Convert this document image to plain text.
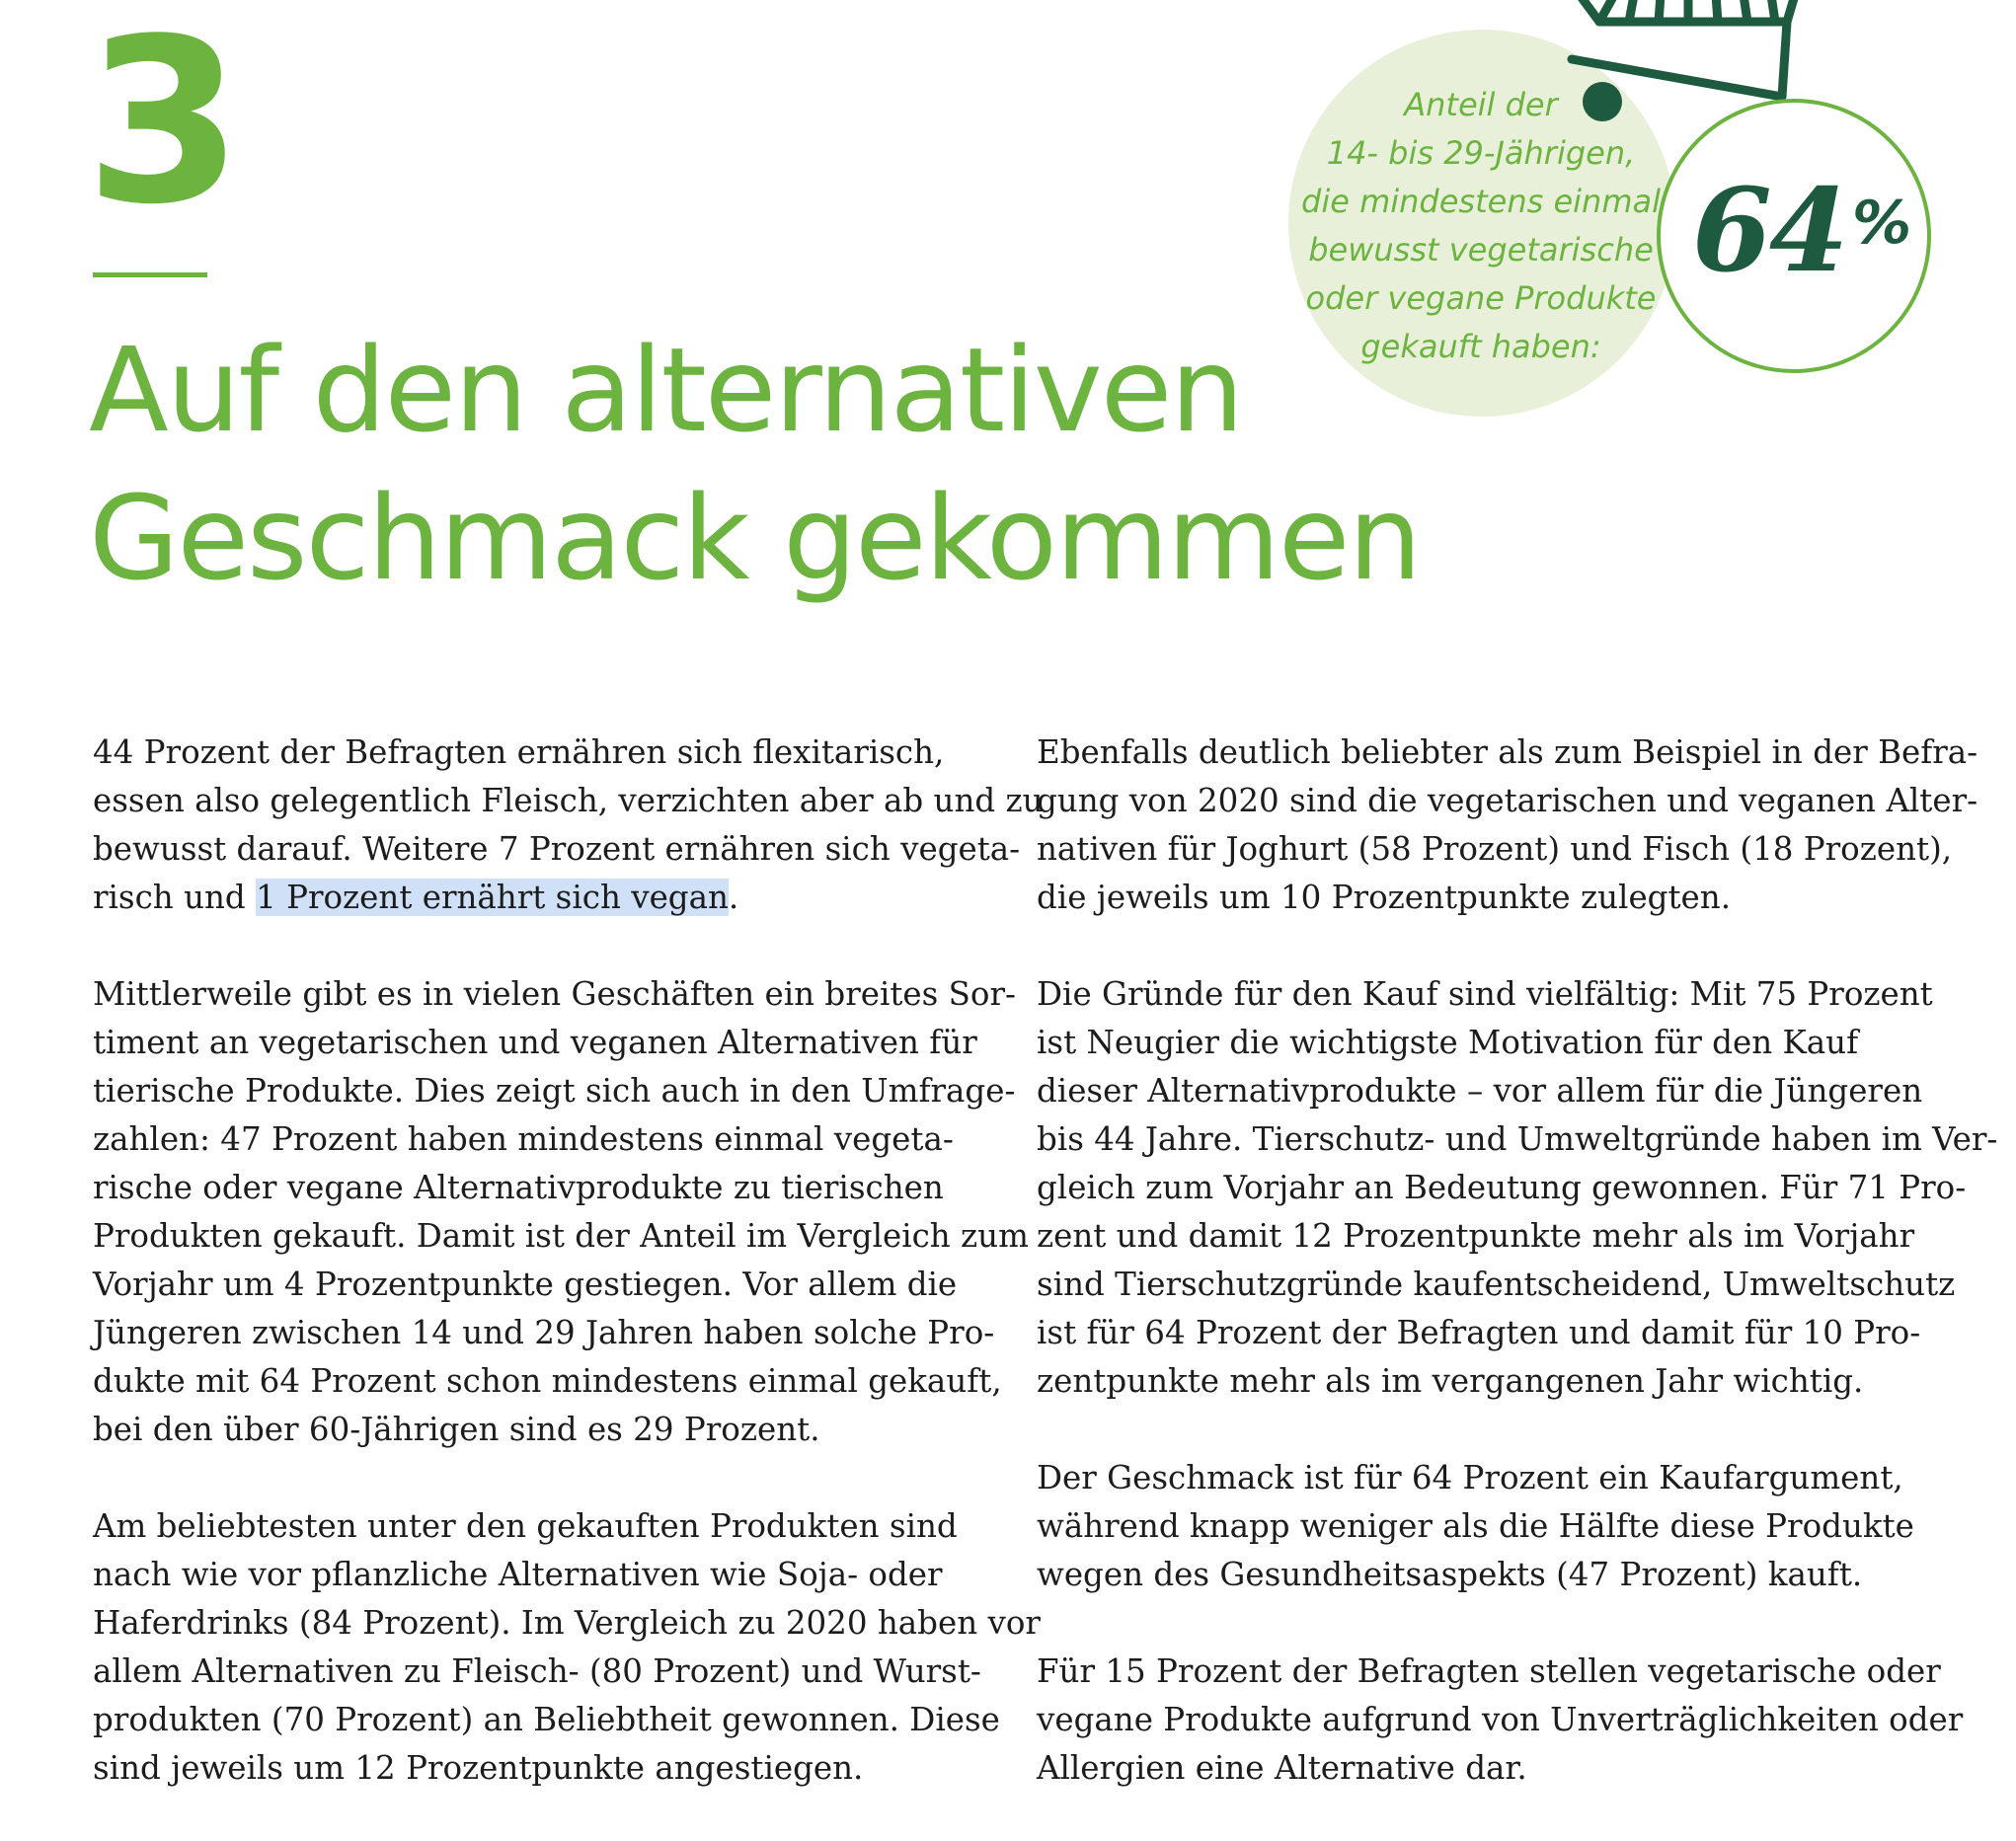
3
Auf den alternativen
Geschmack gekommen
Anteil der
14- bis 29-Jährigen,
die mindestens einmal
bewusst vegetarische
oder vegane Produkte
gekauft haben:
64 %

44 Prozent der Befragten ernähren sich flexitarisch,
essen also gelegentlich Fleisch, verzichten aber ab und zu
bewusst darauf. Weitere 7 Prozent ernähren sich vegeta-
risch und 1 Prozent ernährt sich vegan.

Mittlerweile gibt es in vielen Geschäften ein breites Sor-
timent an vegetarischen und veganen Alternativen für
tierische Produkte. Dies zeigt sich auch in den Umfrage-
zahlen: 47 Prozent haben mindestens einmal vegeta-
rische oder vegane Alternativprodukte zu tierischen
Produkten gekauft. Damit ist der Anteil im Vergleich zum
Vorjahr um 4 Prozentpunkte gestiegen. Vor allem die
Jüngeren zwischen 14 und 29 Jahren haben solche Pro-
dukte mit 64 Prozent schon mindestens einmal gekauft,
bei den über 60-Jährigen sind es 29 Prozent.

Am beliebtesten unter den gekauften Produkten sind
nach wie vor pflanzliche Alternativen wie Soja- oder
Haferdrinks (84 Prozent). Im Vergleich zu 2020 haben vor
allem Alternativen zu Fleisch- (80 Prozent) und Wurst-
produkten (70 Prozent) an Beliebtheit gewonnen. Diese
sind jeweils um 12 Prozentpunkte angestiegen.

Ebenfalls deutlich beliebter als zum Beispiel in der Befra-
gung von 2020 sind die vegetarischen und veganen Alter-
nativen für Joghurt (58 Prozent) und Fisch (18 Prozent),
die jeweils um 10 Prozentpunkte zulegten.

Die Gründe für den Kauf sind vielfältig: Mit 75 Prozent
ist Neugier die wichtigste Motivation für den Kauf
dieser Alternativprodukte – vor allem für die Jüngeren
bis 44 Jahre. Tierschutz- und Umweltgründe haben im Ver-
gleich zum Vorjahr an Bedeutung gewonnen. Für 71 Pro-
zent und damit 12 Prozentpunkte mehr als im Vorjahr
sind Tierschutzgründe kaufentscheidend, Umweltschutz
ist für 64 Prozent der Befragten und damit für 10 Pro-
zentpunkte mehr als im vergangenen Jahr wichtig.

Der Geschmack ist für 64 Prozent ein Kaufargument,
während knapp weniger als die Hälfte diese Produkte
wegen des Gesundheitsaspekts (47 Prozent) kauft.

Für 15 Prozent der Befragten stellen vegetarische oder
vegane Produkte aufgrund von Unverträglichkeiten oder
Allergien eine Alternative dar.
